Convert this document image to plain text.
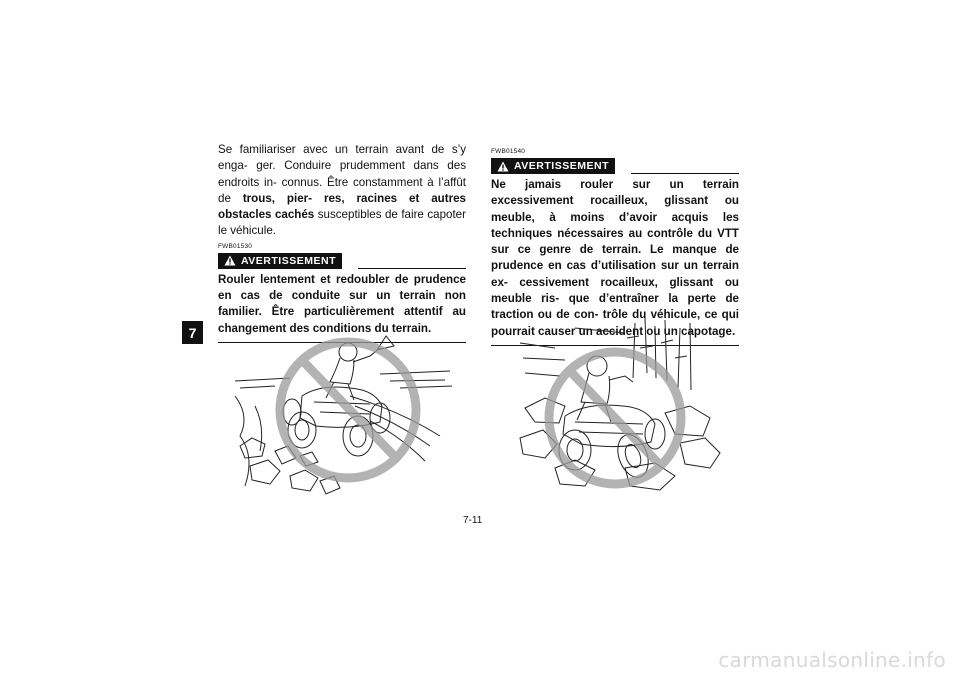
7

Se familiariser avec un terrain avant de s’y enga- ger. Conduire prudemment dans des endroits in- connus. Être constamment à l’affût de trous, pier- res, racines et autres obstacles cachés susceptibles de faire capoter le véhicule.

FWB01530
AVERTISSEMENT

Rouler lentement et redoubler de prudence en cas de conduite sur un terrain non familier. Être particulièrement attentif au changement des conditions du terrain.

FWB01540
AVERTISSEMENT

Ne jamais rouler sur un terrain excessivement rocailleux, glissant ou meuble, à moins d’avoir acquis les techniques nécessaires au contrôle du VTT sur ce genre de terrain. Le manque de prudence en cas d’utilisation sur un terrain ex- cessivement rocailleux, glissant ou meuble ris- que d’entraîner la perte de traction ou de con- trôle du véhicule, ce qui pourrait causer un accident ou un capotage.

7-11
carmanualsonline.info
